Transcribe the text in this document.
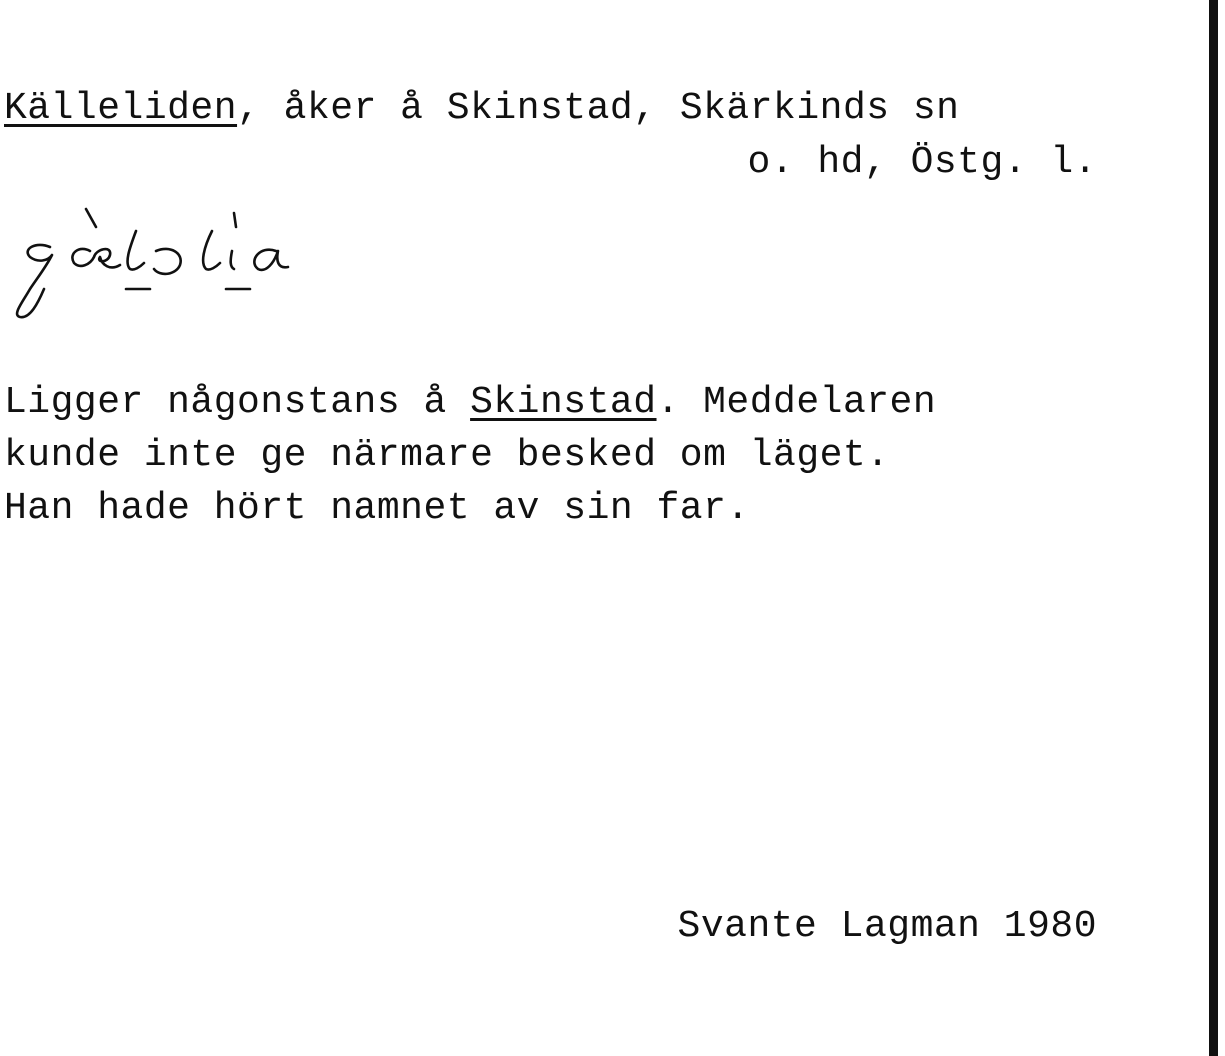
Källeliden, åker å Skinstad, Skärkinds sn
o. hd, Östg. l.
Ligger någonstans å Skinstad. Meddelaren
kunde inte ge närmare besked om läget.
Han hade hört namnet av sin far.
Svante Lagman 1980
